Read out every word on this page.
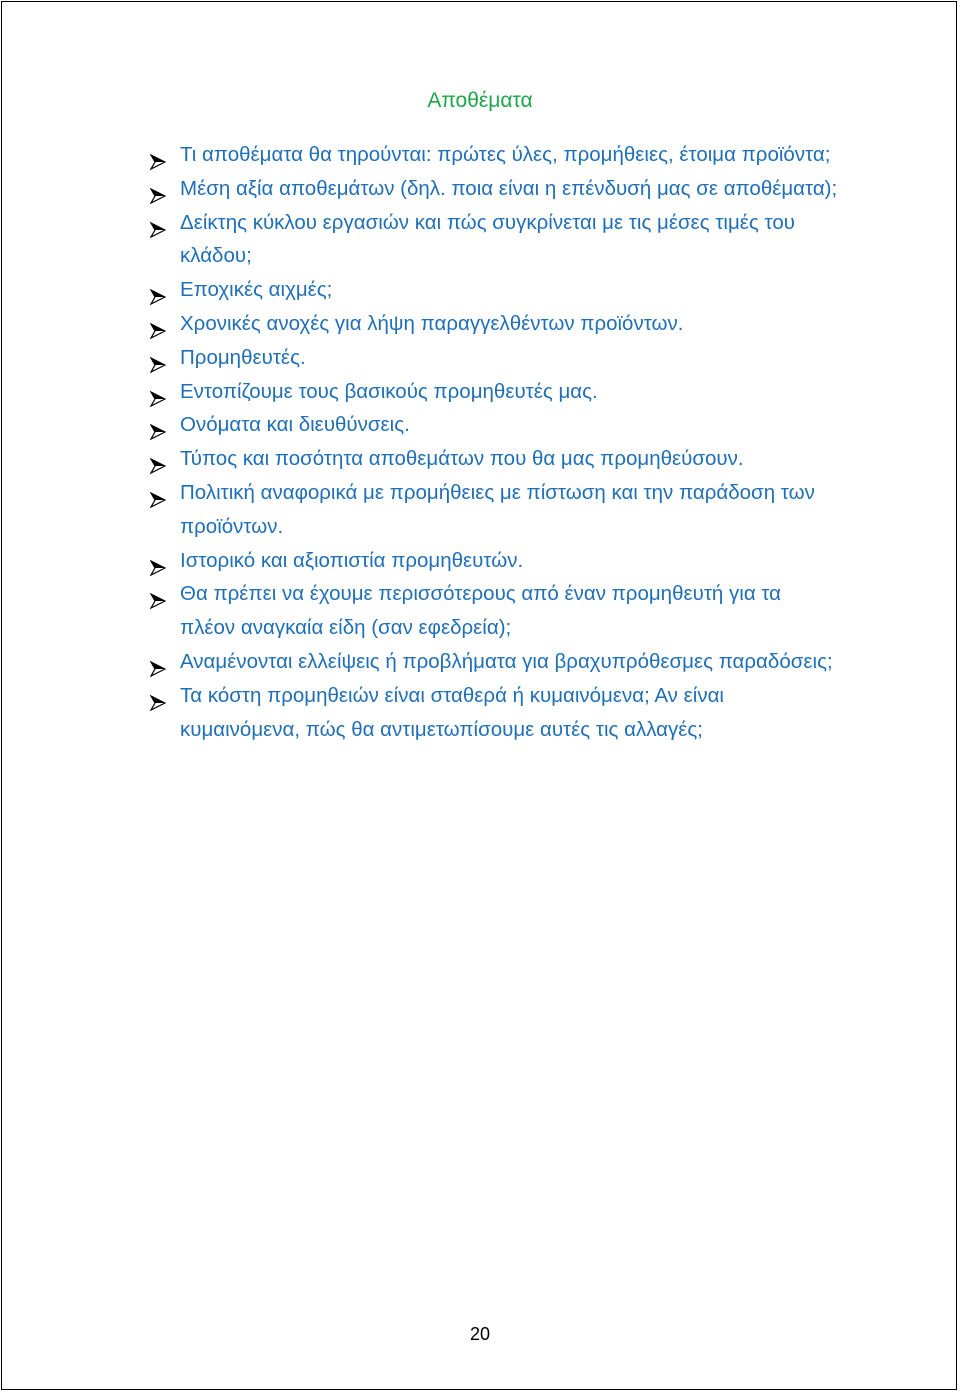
Αποθέματα
Τι αποθέματα θα τηρούνται: πρώτες ύλες, προμήθειες, έτοιμα προϊόντα;
Μέση αξία αποθεμάτων (δηλ. ποια είναι η επένδυσή μας σε αποθέματα);
Δείκτης κύκλου εργασιών και πώς συγκρίνεται με τις μέσες τιμές του κλάδου;
Εποχικές αιχμές;
Χρονικές ανοχές για λήψη παραγγελθέντων προϊόντων.
Προμηθευτές.
Εντοπίζουμε τους βασικούς προμηθευτές μας.
Ονόματα και διευθύνσεις.
Τύπος και ποσότητα αποθεμάτων που θα μας προμηθεύσουν.
Πολιτική αναφορικά με προμήθειες με πίστωση και την παράδοση των προϊόντων.
Ιστορικό και αξιοπιστία προμηθευτών.
Θα πρέπει να έχουμε περισσότερους από έναν προμηθευτή για τα πλέον αναγκαία είδη (σαν εφεδρεία);
Αναμένονται ελλείψεις ή προβλήματα για βραχυπρόθεσμες παραδόσεις;
Τα κόστη προμηθειών είναι σταθερά ή κυμαινόμενα; Αν είναι κυμαινόμενα, πώς θα αντιμετωπίσουμε αυτές τις αλλαγές;
20
